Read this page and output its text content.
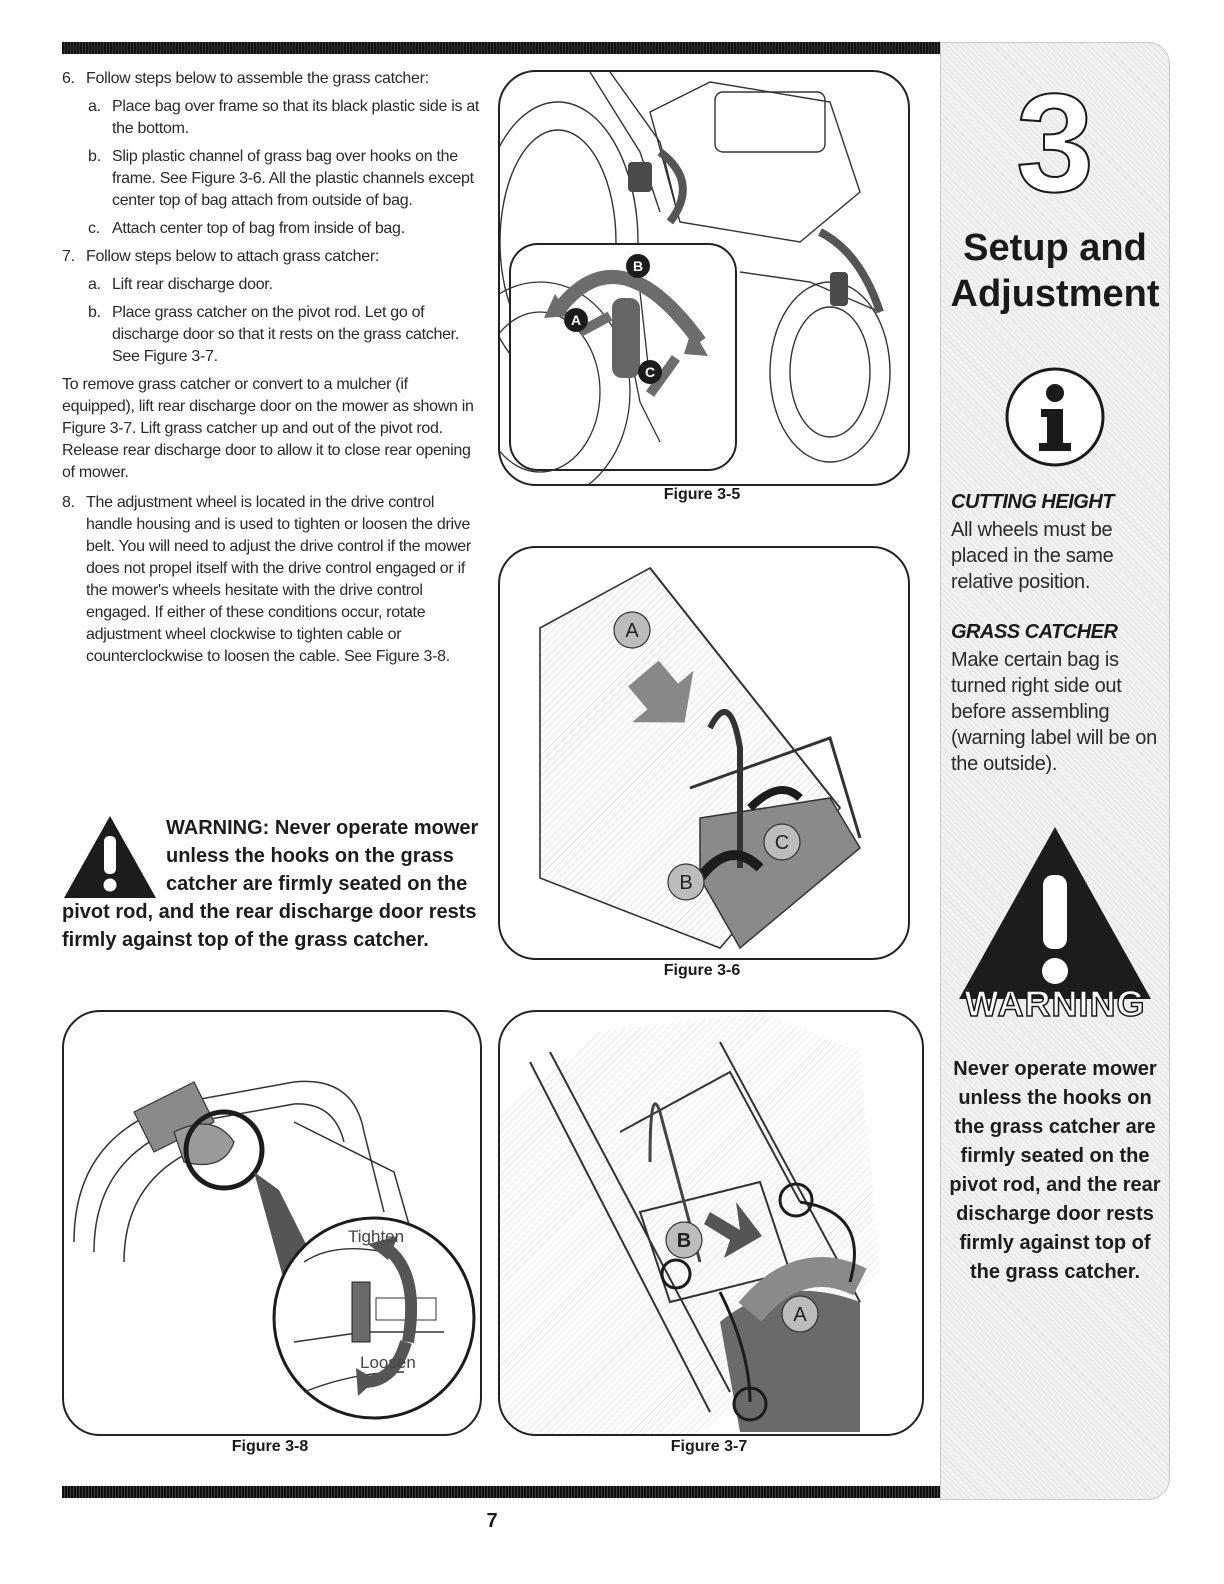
6. Follow steps below to assemble the grass catcher:
a. Place bag over frame so that its black plastic side is at the bottom.
b. Slip plastic channel of grass bag over hooks on the frame. See Figure 3-6. All the plastic channels except center top of bag attach from outside of bag.
c. Attach center top of bag from inside of bag.
7. Follow steps below to attach grass catcher:
a. Lift rear discharge door.
b. Place grass catcher on the pivot rod. Let go of discharge door so that it rests on the grass catcher. See Figure 3-7.

To remove grass catcher or convert to a mulcher (if equipped), lift rear discharge door on the mower as shown in Figure 3-7. Lift grass catcher up and out of the pivot rod. Release rear discharge door to allow it to close rear opening of mower.

8. The adjustment wheel is located in the drive control handle housing and is used to tighten or loosen the drive belt. You will need to adjust the drive control if the mower does not propel itself with the drive control engaged or if the mower's wheels hesitate with the drive control engaged. If either of these conditions occur, rotate adjustment wheel clockwise to tighten cable or counterclockwise to loosen the cable. See Figure 3-8.
WARNING: Never operate mower unless the hooks on the grass catcher are firmly seated on the
pivot rod, and the rear discharge door rests firmly against top of the grass catcher.
B
A
C
Figure 3-5
A
B
C
Figure 3-6
Tighten
Loosen
Figure 3-8
B
A
Figure 3-7
3
Setup and
Adjustment
CUTTING HEIGHT
All wheels must be placed in the same relative position.
GRASS CATCHER
Make certain bag is turned right side out before assembling (warning label will be on the outside).
WARNING
Never operate mower unless the hooks on the grass catcher are firmly seated on the pivot rod, and the rear discharge door rests firmly against top of the grass catcher.
7
